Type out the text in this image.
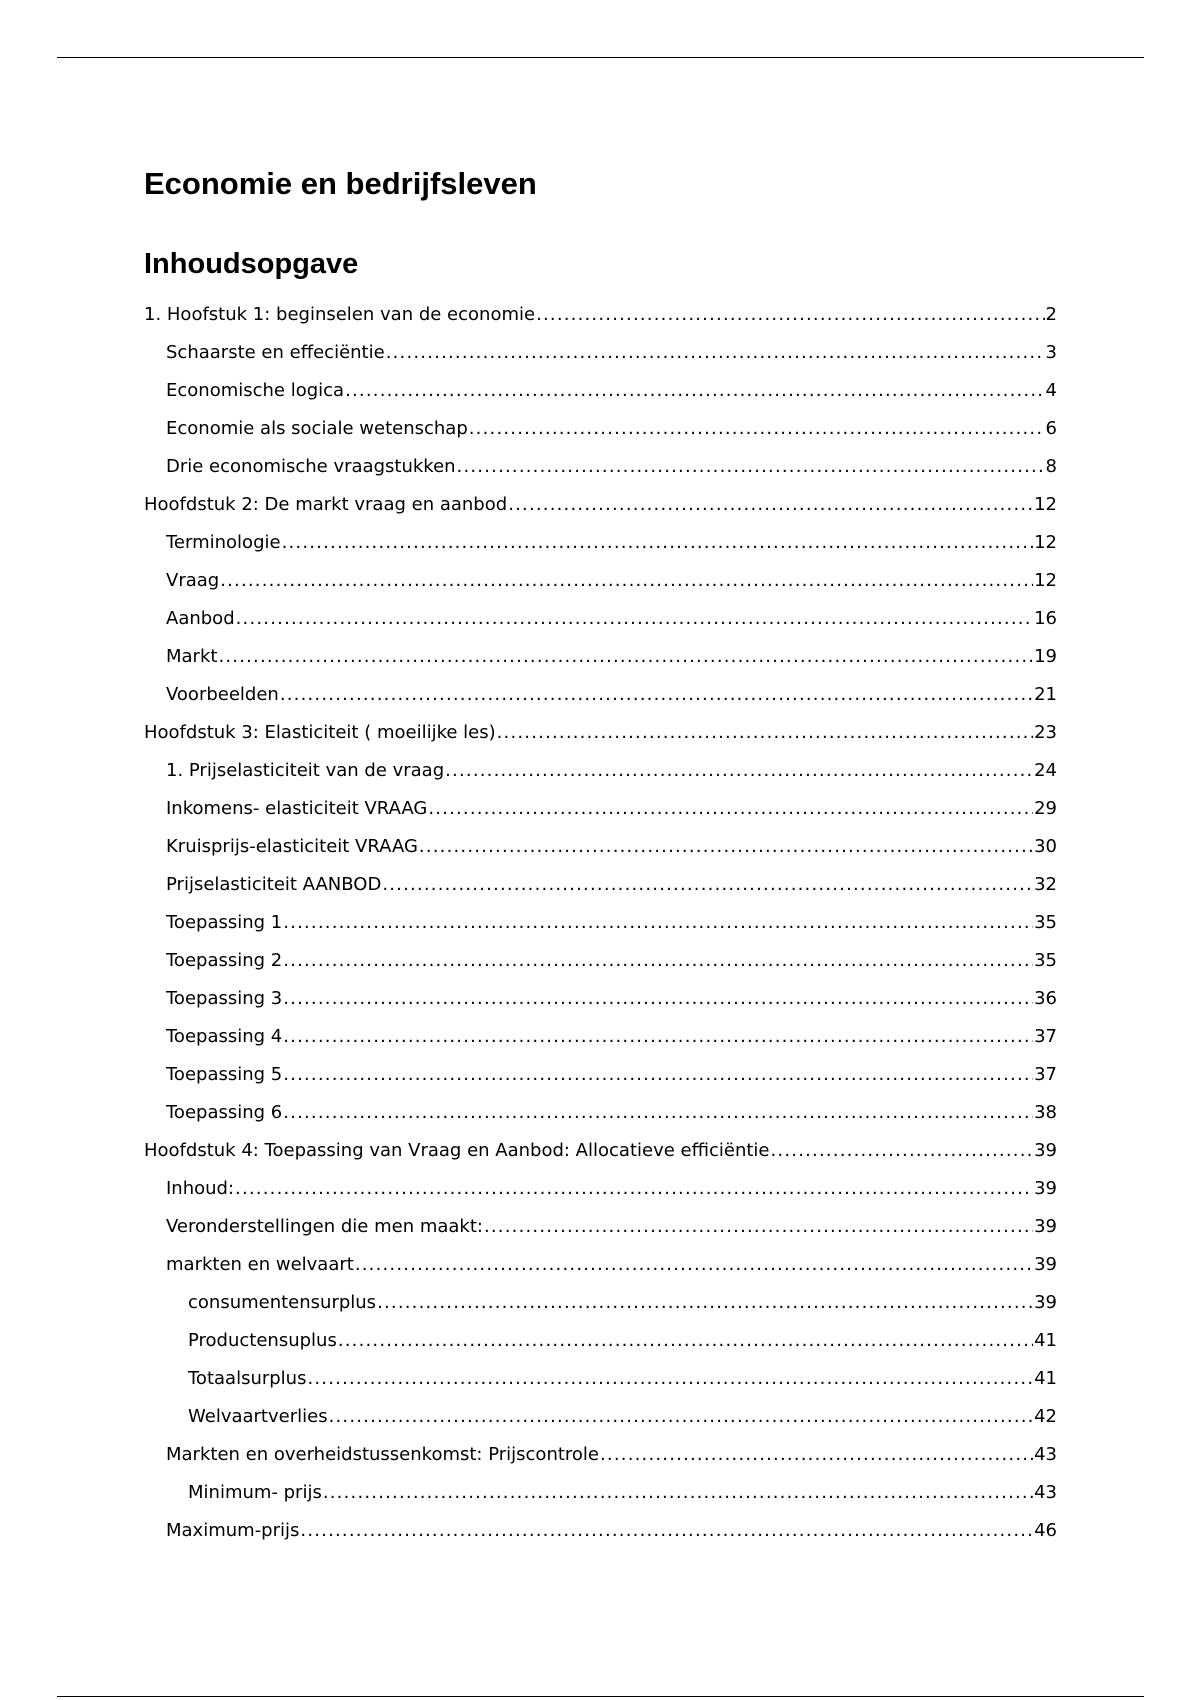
Economie en bedrijfsleven
Inhoudsopgave
1. Hoofstuk 1: beginselen van de economie .....	2
Schaarste en effeciëntie .....	3
Economische logica .....	4
Economie als sociale wetenschap .....	6
Drie economische vraagstukken .....	8
Hoofdstuk 2: De markt vraag en aanbod .....	12
Terminologie .....	12
Vraag .....	12
Aanbod .....	16
Markt .....	19
Voorbeelden .....	21
Hoofdstuk 3: Elasticiteit ( moeilijke les) .....	23
1. Prijselasticiteit van de vraag .....	24
Inkomens- elasticiteit VRAAG .....	29
Kruisprijs-elasticiteit VRAAG .....	30
Prijselasticiteit AANBOD .....	32
Toepassing 1 .....	35
Toepassing 2 .....	35
Toepassing 3 .....	36
Toepassing 4 .....	37
Toepassing 5 .....	37
Toepassing 6 .....	38
Hoofdstuk 4: Toepassing van Vraag en Aanbod: Allocatieve efficiëntie .....	39
Inhoud: .....	39
Veronderstellingen die men maakt: .....	39
markten en welvaart .....	39
consumentensurplus .....	39
Productensuplus .....	41
Totaalsurplus .....	41
Welvaartverlies .....	42
Markten en overheidstussenkomst: Prijscontrole .....	43
Minimum- prijs .....	43
Maximum-prijs .....	46
